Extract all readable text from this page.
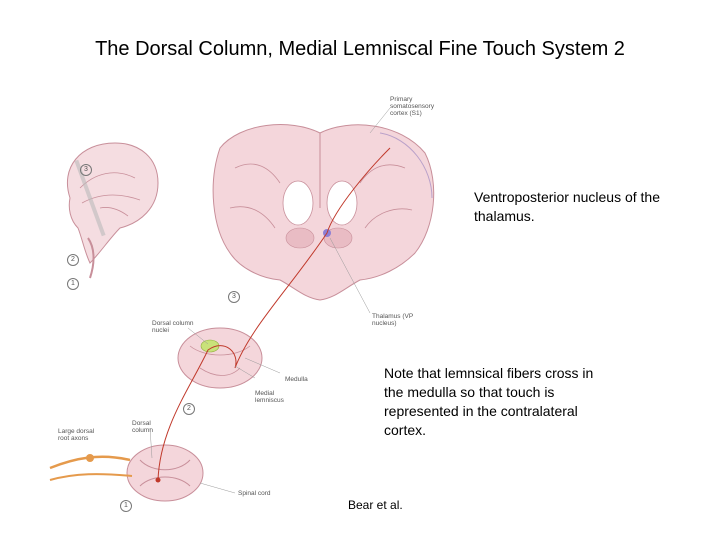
The Dorsal Column, Medial Lemniscal Fine Touch System 2
Primary somatosensory cortex (S1)
Thalamus (VP nucleus)
Dorsal column nuclei
Medulla
Medial lemniscus
Dorsal column
Large dorsal root axons
Spinal cord
3
2
1
3
2
1
Ventroposterior nucleus of the thalamus.
Note that lemnsical fibers cross in the medulla so that touch is represented in the contralateral cortex.
Bear et al.
